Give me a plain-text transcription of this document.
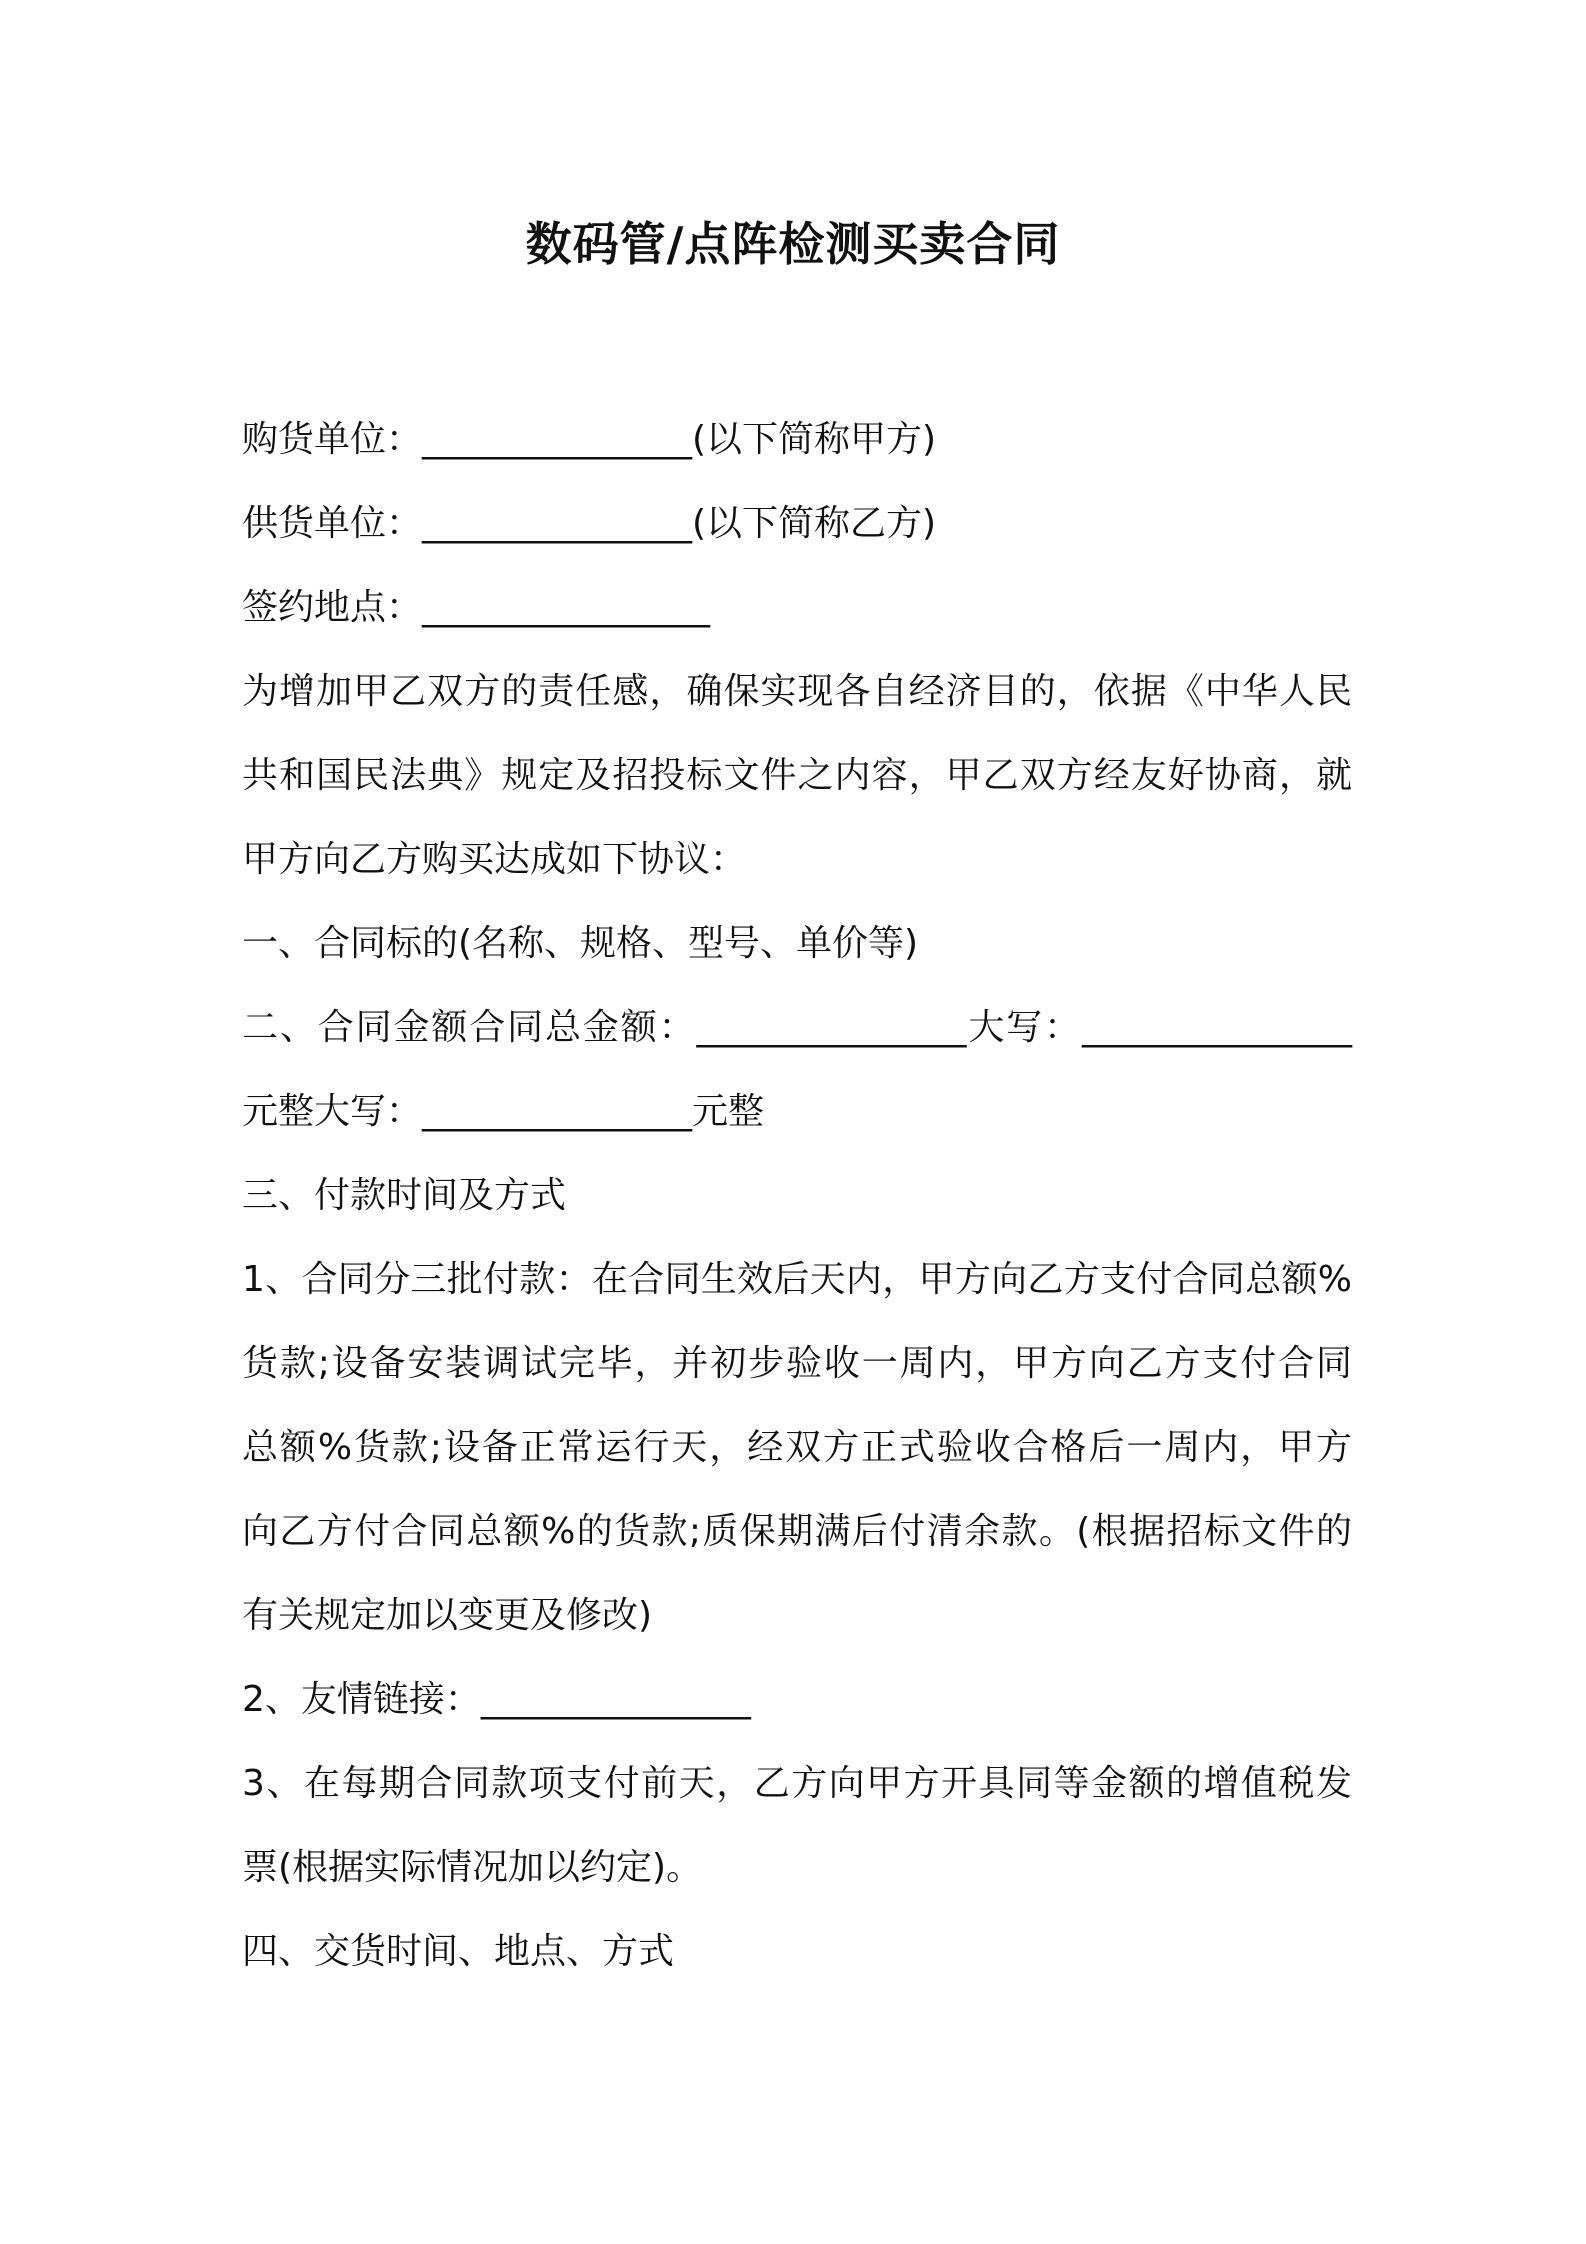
数码管/点阵检测买卖合同
购货单位：_______________(以下简称甲方)
供货单位：_______________(以下简称乙方)
签约地点：________________
为增加甲乙双方的责任感，确保实现各自经济目的，依据《中华人民
共和国民法典》规定及招投标文件之内容，甲乙双方经友好协商，就
甲方向乙方购买达成如下协议：
一、合同标的(名称、规格、型号、单价等)
二、合同金额合同总金额：_______________大写：_______________
元整大写：_______________元整
三、付款时间及方式
1、合同分三批付款：在合同生效后天内，甲方向乙方支付合同总额%
货款;设备安装调试完毕，并初步验收一周内，甲方向乙方支付合同
总额%货款;设备正常运行天，经双方正式验收合格后一周内，甲方
向乙方付合同总额%的货款;质保期满后付清余款。(根据招标文件的
有关规定加以变更及修改)
2、友情链接：_______________
3、在每期合同款项支付前天，乙方向甲方开具同等金额的增值税发
票(根据实际情况加以约定)。
四、交货时间、地点、方式
